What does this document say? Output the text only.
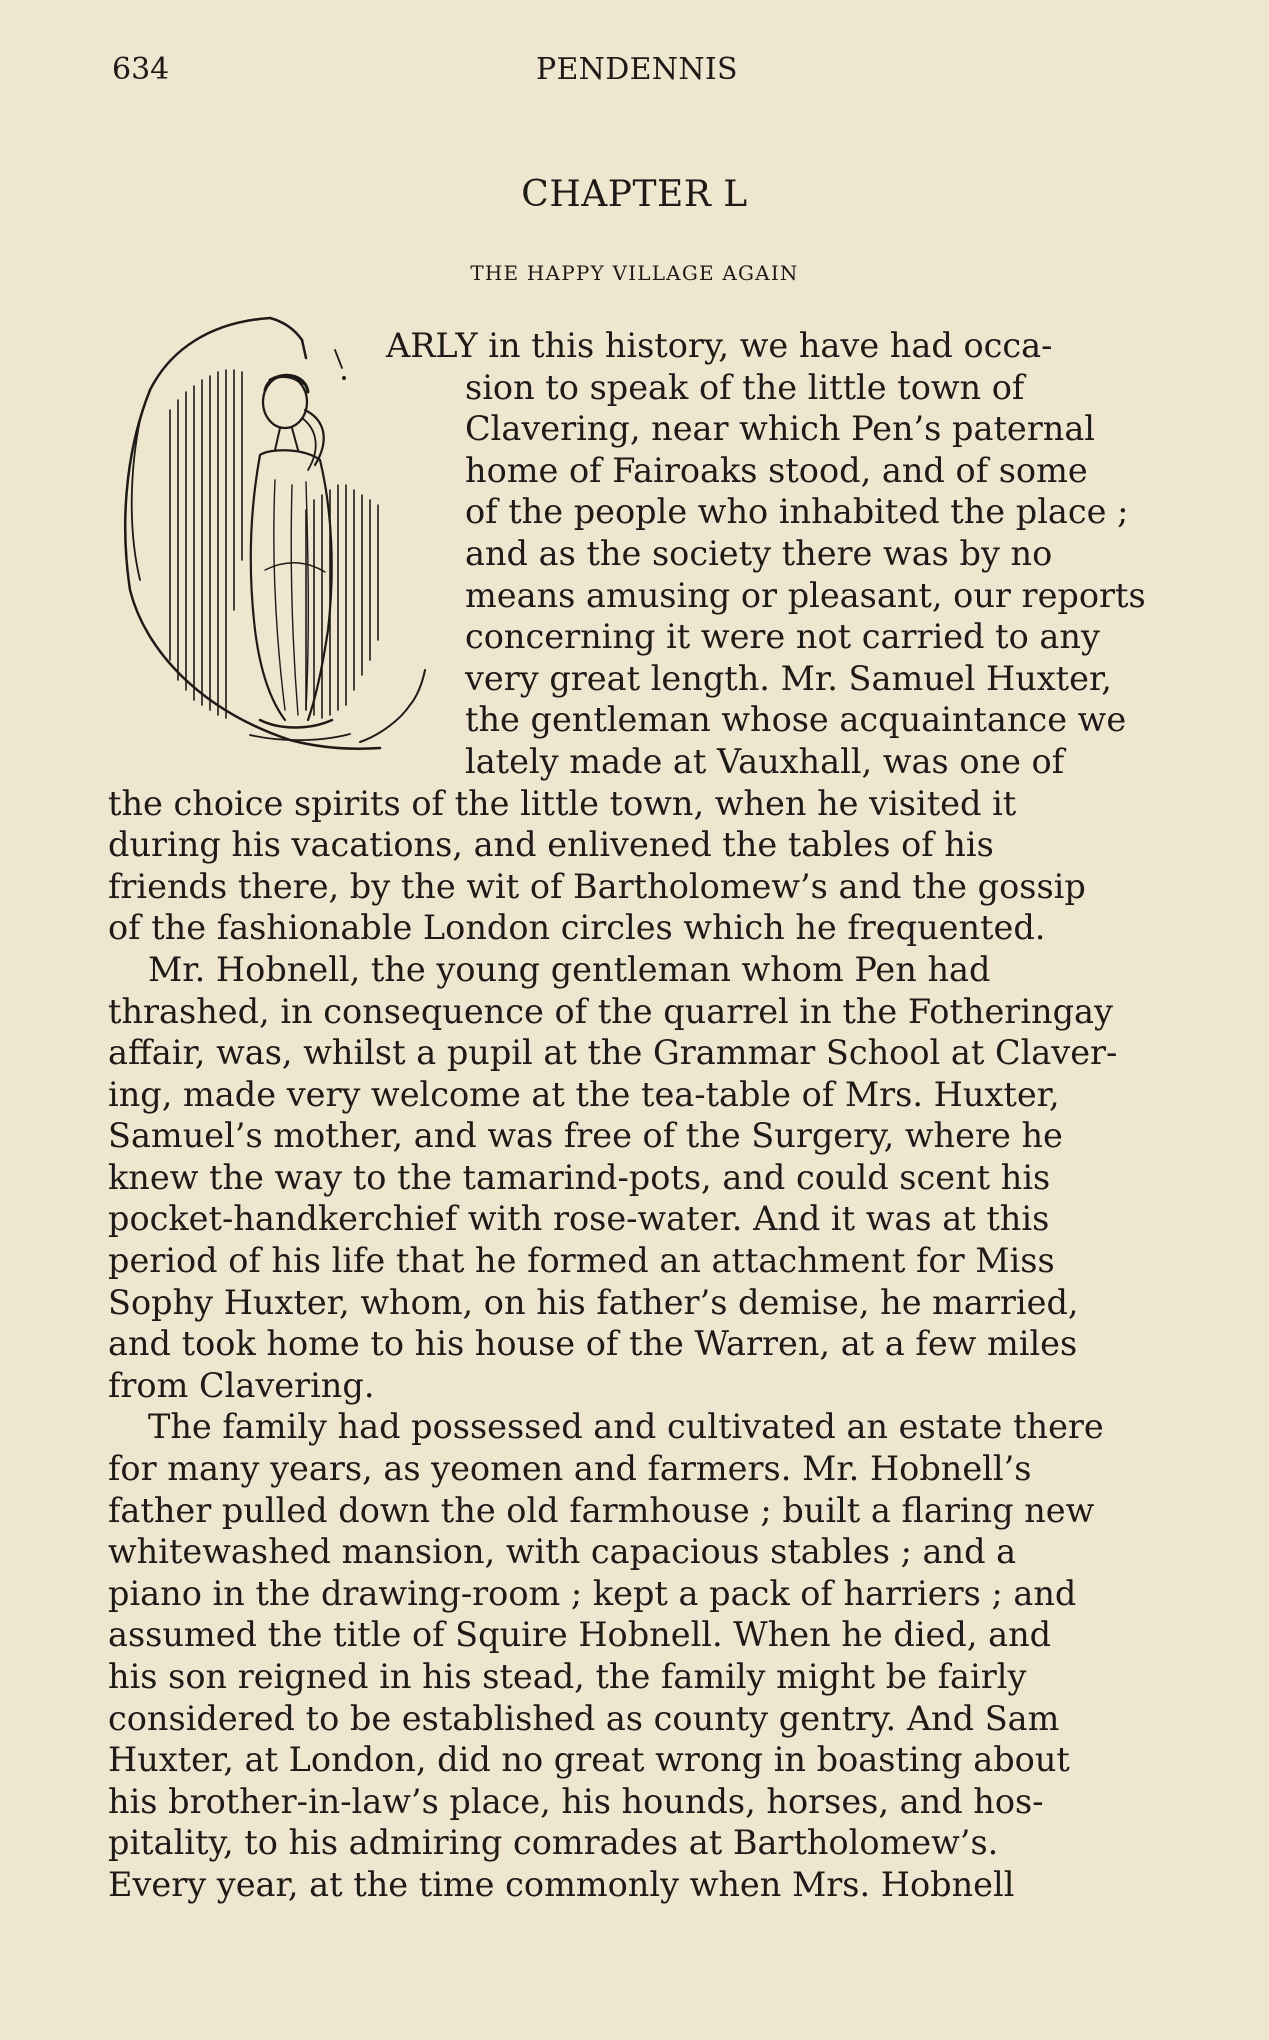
634	PENDENNIS
CHAPTER L
THE HAPPY VILLAGE AGAIN
ARLY in this history, we have had occa-
sion to speak of the little town of
Clavering, near which Pen’s paternal
home of Fairoaks stood, and of some
of the people who inhabited the place ;
and as the society there was by no
means amusing or pleasant, our reports
concerning it were not carried to any
very great length. Mr. Samuel Huxter,
the gentleman whose acquaintance we
lately made at Vauxhall, was one of
the choice spirits of the little town, when he visited it
during his vacations, and enlivened the tables of his
friends there, by the wit of Bartholomew’s and the gossip
of the fashionable London circles which he frequented.
Mr. Hobnell, the young gentleman whom Pen had
thrashed, in consequence of the quarrel in the Fotheringay
affair, was, whilst a pupil at the Grammar School at Claver-
ing, made very welcome at the tea-table of Mrs. Huxter,
Samuel’s mother, and was free of the Surgery, where he
knew the way to the tamarind-pots, and could scent his
pocket-handkerchief with rose-water. And it was at this
period of his life that he formed an attachment for Miss
Sophy Huxter, whom, on his father’s demise, he married,
and took home to his house of the Warren, at a few miles
from Clavering.
The family had possessed and cultivated an estate there
for many years, as yeomen and farmers. Mr. Hobnell’s
father pulled down the old farmhouse ; built a flaring new
whitewashed mansion, with capacious stables ; and a
piano in the drawing-room ; kept a pack of harriers ; and
assumed the title of Squire Hobnell. When he died, and
his son reigned in his stead, the family might be fairly
considered to be established as county gentry. And Sam
Huxter, at London, did no great wrong in boasting about
his brother-in-law’s place, his hounds, horses, and hos-
pitality, to his admiring comrades at Bartholomew’s.
Every year, at the time commonly when Mrs. Hobnell
